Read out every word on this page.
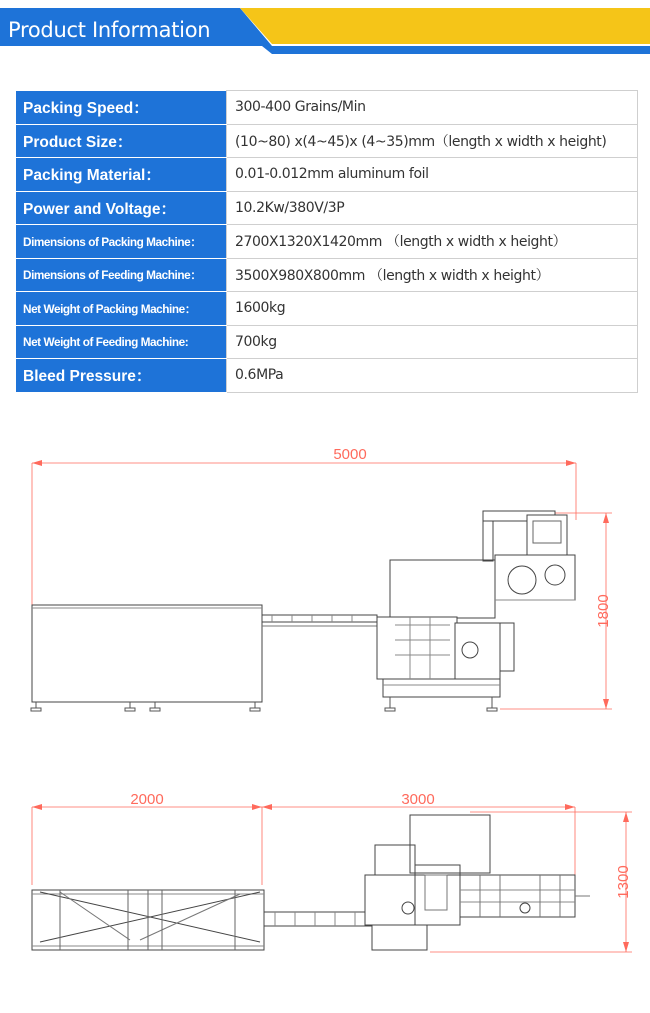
Product Information
Packing Speed：	300-400 Grains/Min
Product Size：	(10~80) x(4~45)x (4~35)mm（length x width x height)
Packing Material：	0.01-0.012mm aluminum foil
Power and Voltage：	10.2Kw/380V/3P
Dimensions of Packing Machine：	2700X1320X1420mm （length x width x height）
Dimensions of Feeding Machine：	3500X980X800mm （length x width x height）
Net Weight of Packing Machine：	1600kg
Net Weight of Feeding Machine:	700kg
Bleed Pressure：	0.6MPa
5000
1800
2000	3000
1300
